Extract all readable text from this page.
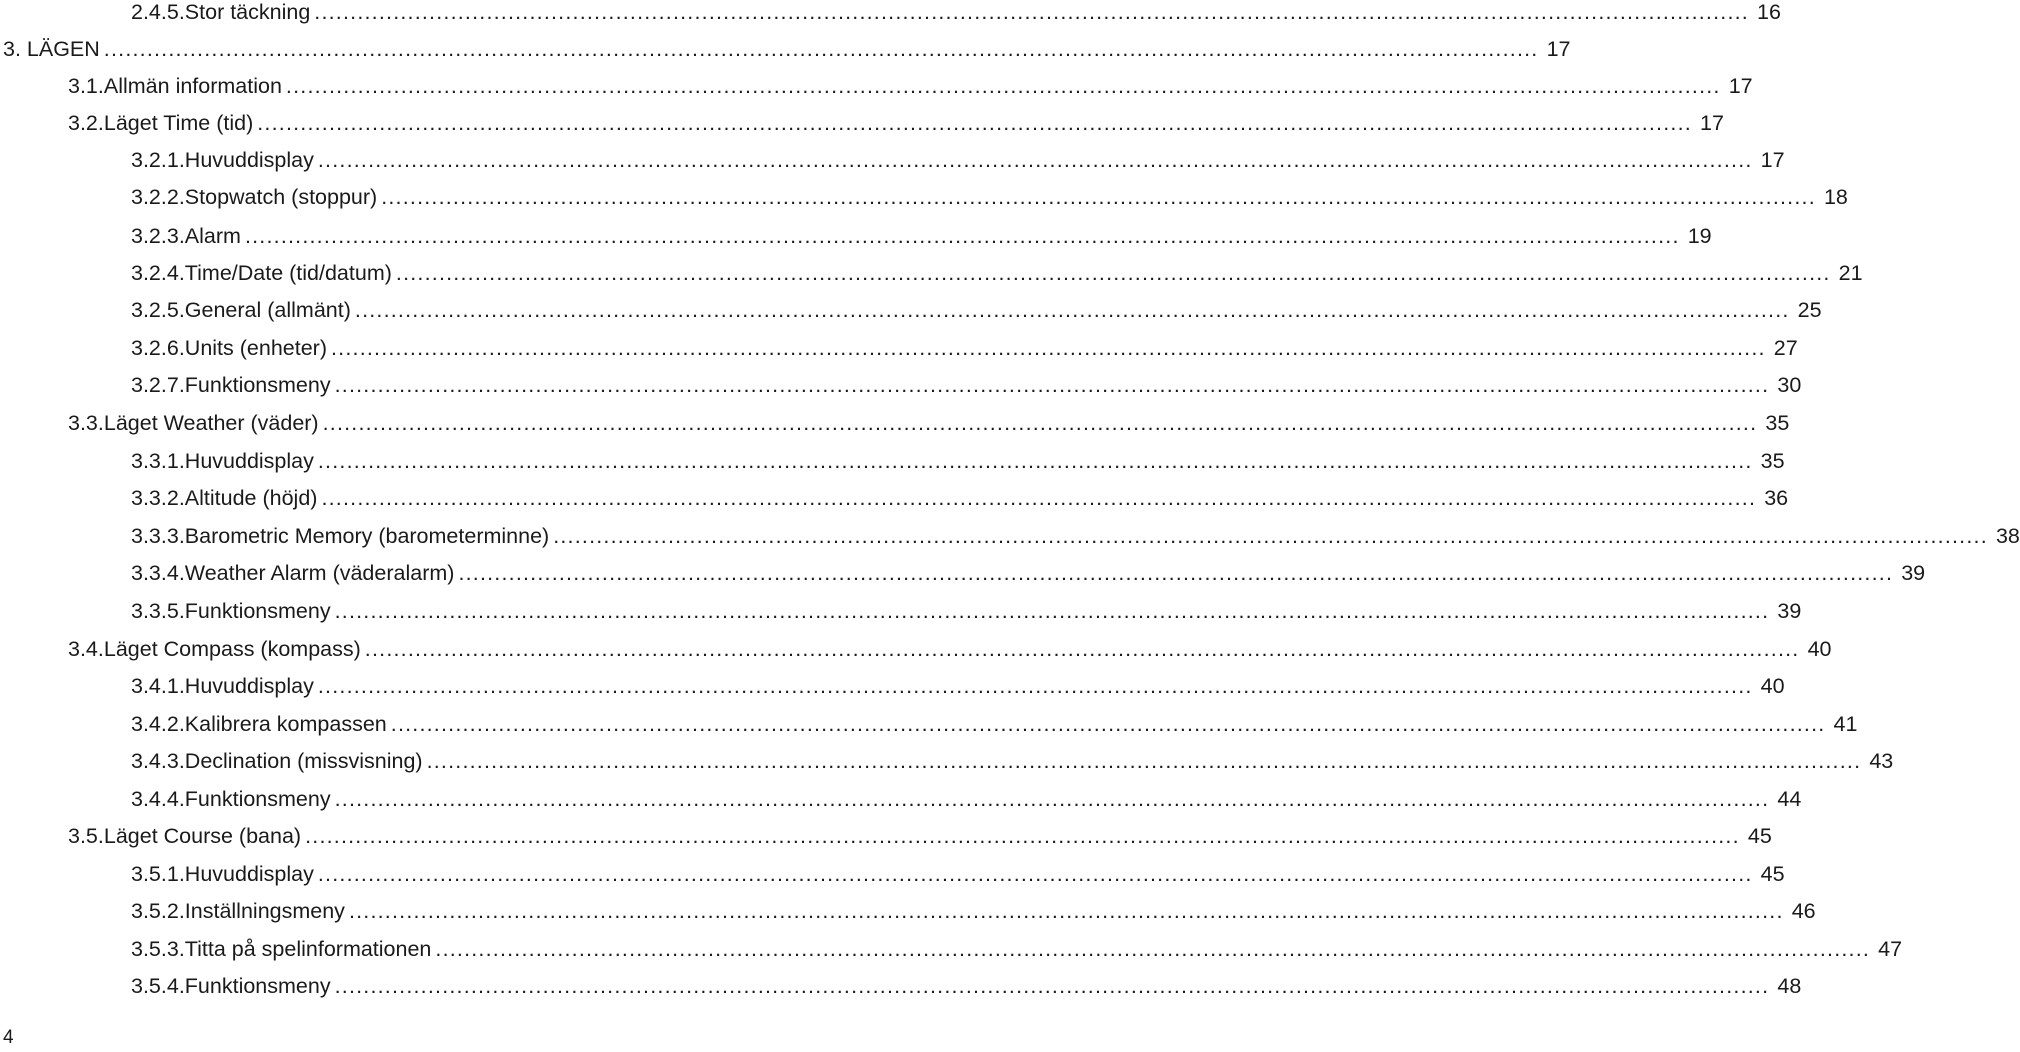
2.4.5. Stor täckning ........................................................................................................................................................................................................ 16
3. LÄGEN ........................................................................................................................................................................................................ 17
3.1. Allmän information ........................................................................................................................................................................................................ 17
3.2. Läget Time (tid) ........................................................................................................................................................................................................ 17
3.2.1. Huvuddisplay ........................................................................................................................................................................................................ 17
3.2.2. Stopwatch (stoppur) ........................................................................................................................................................................................................ 18
3.2.3. Alarm ........................................................................................................................................................................................................ 19
3.2.4. Time/Date (tid/datum) ........................................................................................................................................................................................................ 21
3.2.5. General (allmänt) ........................................................................................................................................................................................................ 25
3.2.6. Units (enheter) ........................................................................................................................................................................................................ 27
3.2.7. Funktionsmeny ........................................................................................................................................................................................................ 30
3.3. Läget Weather (väder) ........................................................................................................................................................................................................ 35
3.3.1. Huvuddisplay ........................................................................................................................................................................................................ 35
3.3.2. Altitude (höjd) ........................................................................................................................................................................................................ 36
3.3.3. Barometric Memory (barometerminne) ........................................................................................................................................................................................................ 38
3.3.4. Weather Alarm (väderalarm) ........................................................................................................................................................................................................ 39
3.3.5. Funktionsmeny ........................................................................................................................................................................................................ 39
3.4. Läget Compass (kompass) ........................................................................................................................................................................................................ 40
3.4.1. Huvuddisplay ........................................................................................................................................................................................................ 40
3.4.2. Kalibrera kompassen ........................................................................................................................................................................................................ 41
3.4.3. Declination (missvisning) ........................................................................................................................................................................................................ 43
3.4.4. Funktionsmeny ........................................................................................................................................................................................................ 44
3.5. Läget Course (bana) ........................................................................................................................................................................................................ 45
3.5.1. Huvuddisplay ........................................................................................................................................................................................................ 45
3.5.2. Inställningsmeny ........................................................................................................................................................................................................ 46
3.5.3. Titta på spelinformationen ........................................................................................................................................................................................................ 47
3.5.4. Funktionsmeny ........................................................................................................................................................................................................ 48
4
